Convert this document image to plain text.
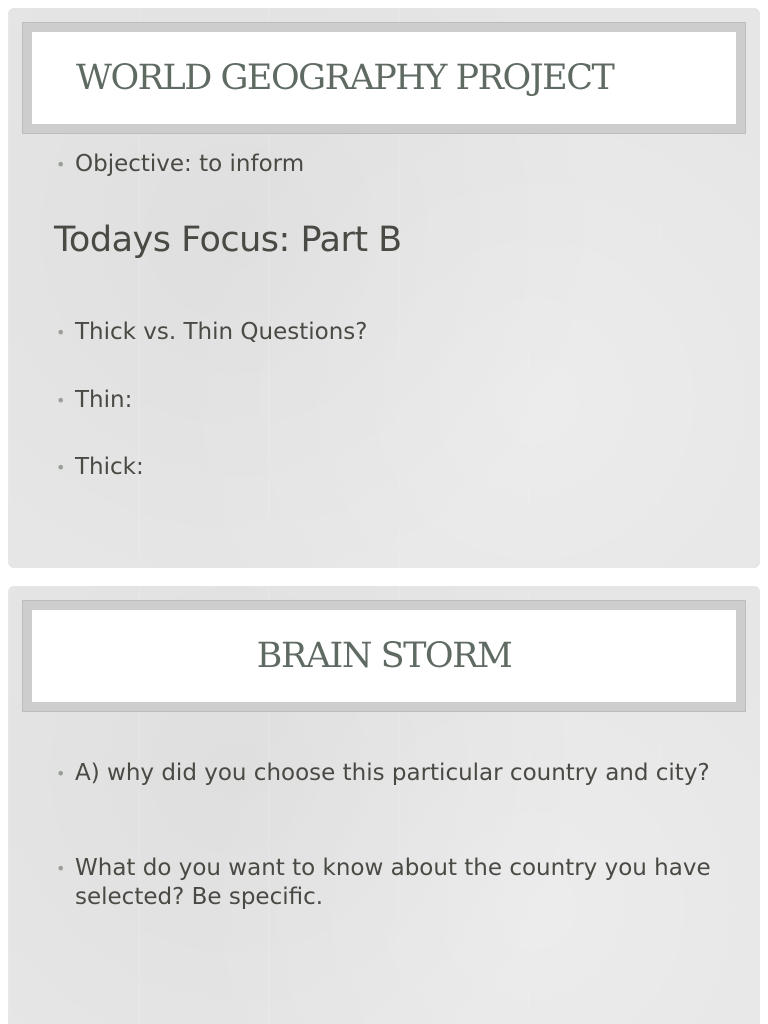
WORLD GEOGRAPHY PROJECT
• Objective: to inform
Todays Focus: Part B
• Thick vs. Thin Questions?
• Thin:
• Thick:
BRAIN STORM
• A) why did you choose this particular country and city?
• What do you want to know about the country you have selected? Be specific.
